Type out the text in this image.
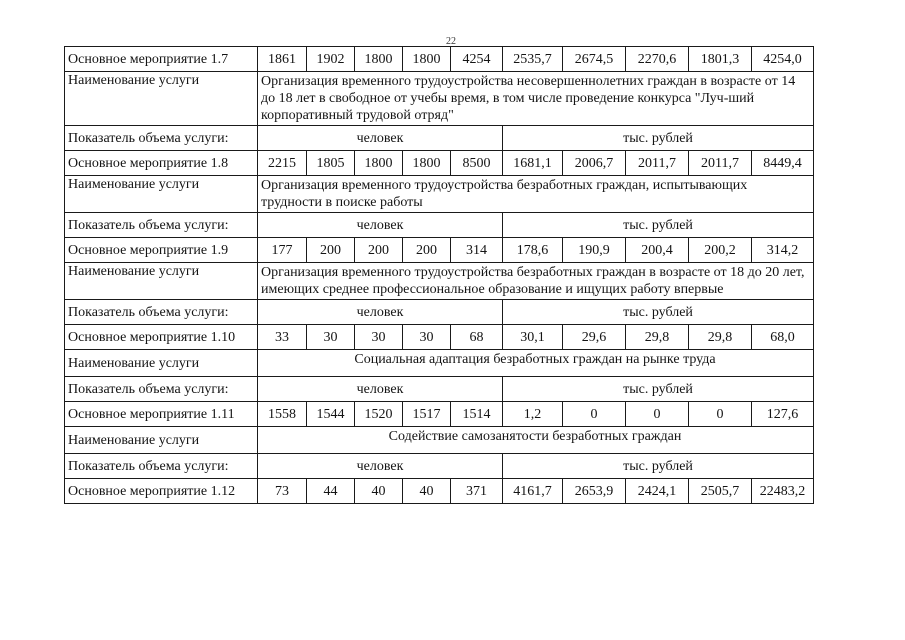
22
Основное мероприятие 1.7	1861	1902	1800	1800	4254	2535,7	2674,5	2270,6	1801,3	4254,0
Наименование услуги	Организация временного трудоустройства несовершеннолетних граждан в возрасте от 14 до 18 лет в свободное от учебы время, в том числе проведение конкурса "Луч-ший корпоративный трудовой отряд"									
Показатель объема услуги:	человек					тыс. рублей				
Основное мероприятие 1.8	2215	1805	1800	1800	8500	1681,1	2006,7	2011,7	2011,7	8449,4
Наименование услуги	Организация временного трудоустройства безработных граждан, испытывающих трудности в поиске работы									
Показатель объема услуги:	человек					тыс. рублей				
Основное мероприятие 1.9	177	200	200	200	314	178,6	190,9	200,4	200,2	314,2
Наименование услуги	Организация временного трудоустройства безработных граждан в возрасте от 18 до 20 лет, имеющих среднее профессиональное образование и ищущих работу впервые									
Показатель объема услуги:	человек					тыс. рублей				
Основное мероприятие 1.10	33	30	30	30	68	30,1	29,6	29,8	29,8	68,0
Наименование услуги	Социальная адаптация безработных граждан на рынке труда									
Показатель объема услуги:	человек					тыс. рублей				
Основное мероприятие 1.11	1558	1544	1520	1517	1514	1,2	0	0	0	127,6
Наименование услуги	Содействие самозанятости безработных граждан									
Показатель объема услуги:	человек					тыс. рублей				
Основное мероприятие 1.12	73	44	40	40	371	4161,7	2653,9	2424,1	2505,7	22483,2
